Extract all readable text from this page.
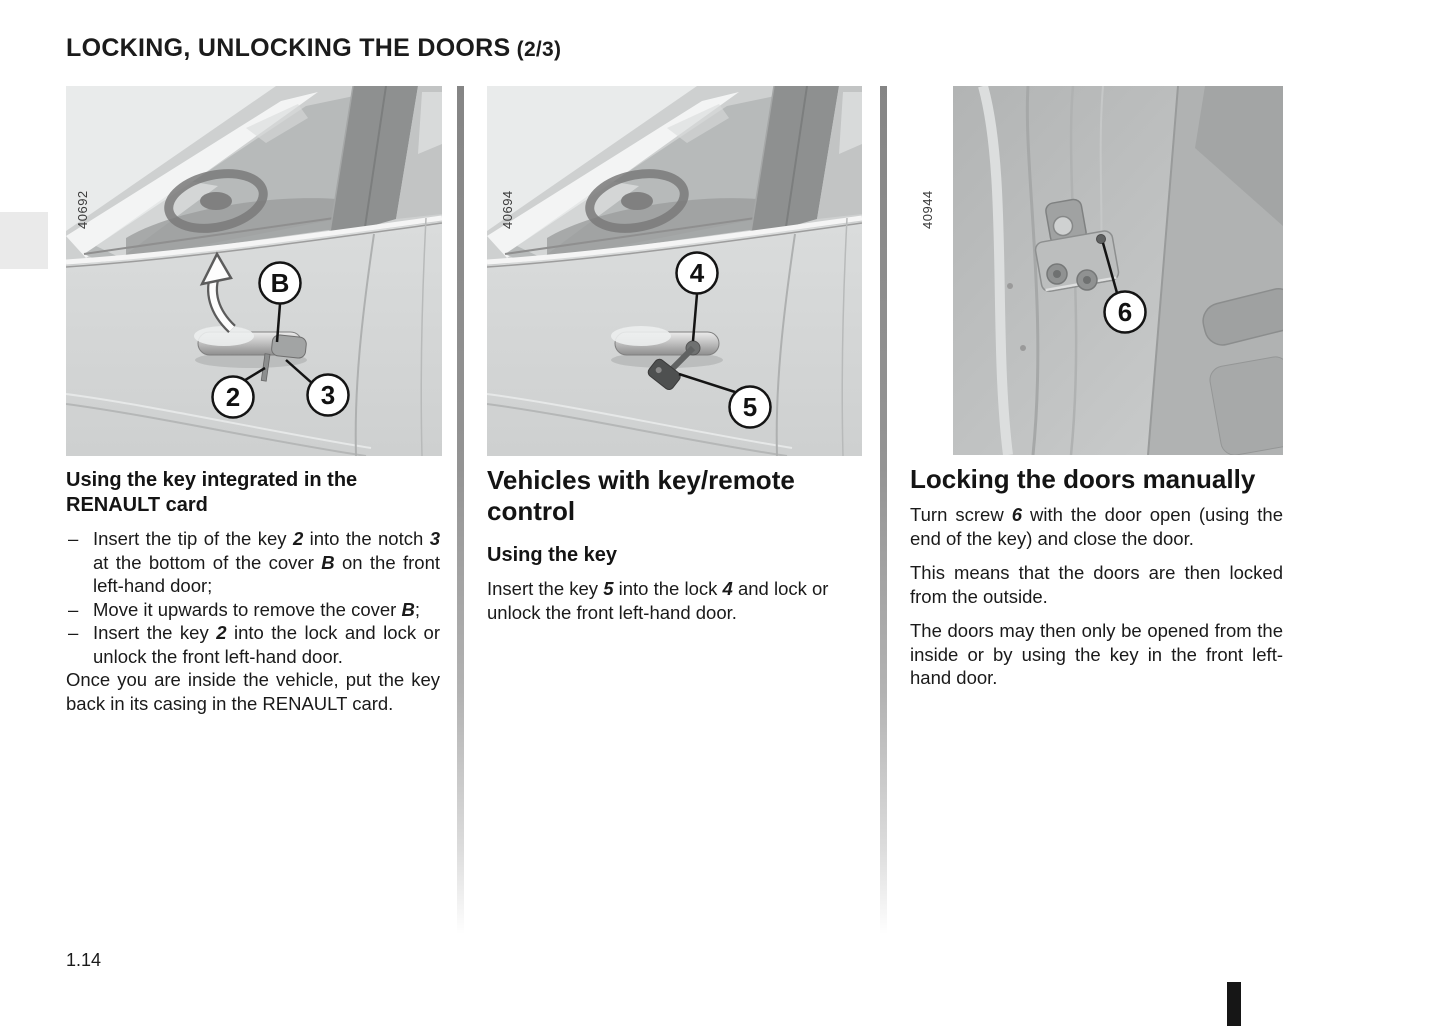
LOCKING, UNLOCKING THE DOORS (2/3)
40692
B
2	3
Using the key integrated in the RENAULT card
– Insert the tip of the key 2 into the notch 3 at the bottom of the cover B on the front left-hand door;
– Move it upwards to remove the cover B;
– Insert the key 2 into the lock and lock or unlock the front left-hand door.

Once you are inside the vehicle, put the key back in its casing in the RENAULT card.

40694
4
5
Vehicles with key/remote control
Using the key

Insert the key 5 into the lock 4 and lock or unlock the front left-hand door.

40944
6
Locking the doors manually

Turn screw 6 with the door open (using the end of the key) and close the door.

This means that the doors are then locked from the outside.

The doors may then only be opened from the inside or by using the key in the front left-hand door.

1.14
